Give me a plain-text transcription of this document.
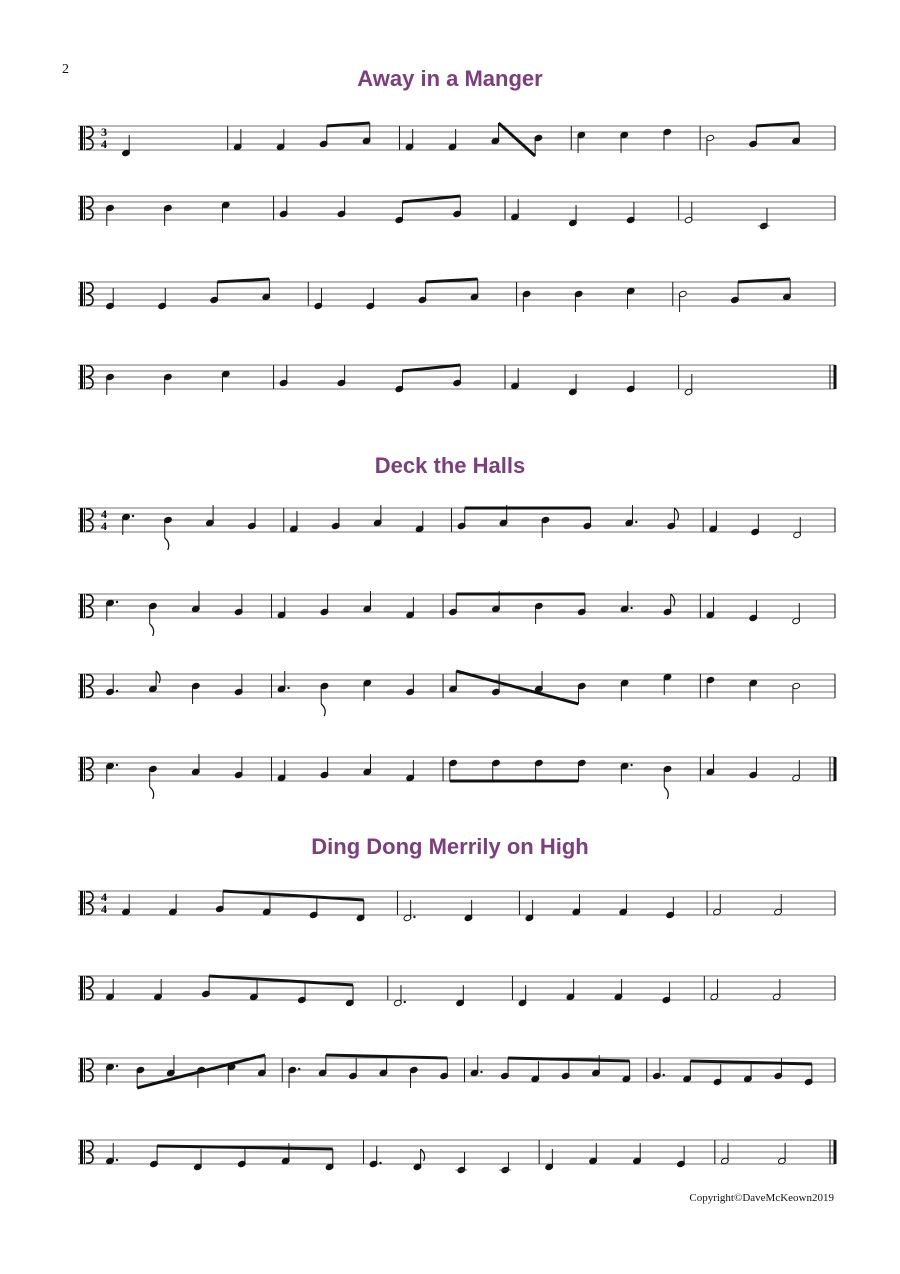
2	Away in a Manger
Deck the Halls
Ding Dong Merrily on High
3
4
4
4
4
4
Copyright©DaveMcKeown2019
